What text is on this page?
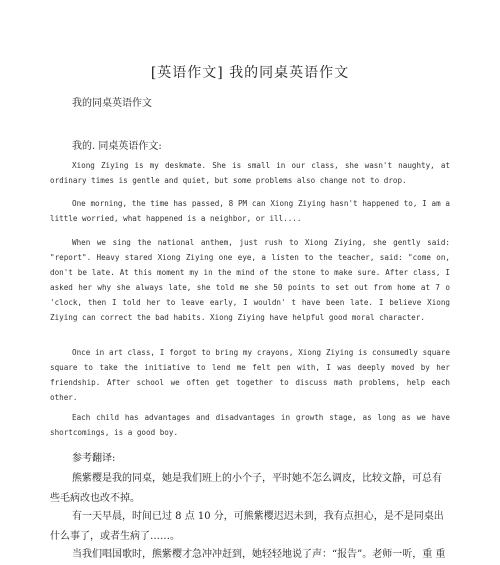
[英语作文] 我的同桌英语作文
我的同桌英语作文
我的. 同桌英语作文:

Xiong Ziying is my deskmate. She is small in our class, she wasn't naughty, at ordinary times is gentle and quiet, but some problems also change not to drop.

One morning, the time has passed, 8 PM can Xiong Ziying hasn't happened to, I am a little worried, what happened is a neighbor, or ill....

When we sing the national anthem, just rush to Xiong Ziying, she gently said: "report". Heavy stared Xiong Ziying one eye, a listen to the teacher, said: "come on, don't be late. At this moment my in the mind of the stone to make sure. After class, I asked her why she always late, she told me she 50 points to set out from home at 7 o 'clock, then I told her to leave early, I wouldn' t have been late. I believe Xiong Ziying can correct the bad habits. Xiong Ziying have helpful good moral character.

Once in art class, I forgot to bring my crayons, Xiong Ziying is consumedly square square to take the initiative to lend me felt pen with, I was deeply moved by her friendship. After school we often get together to discuss math problems, help each other.

Each child has advantages and disadvantages in growth stage, as long as we have shortcomings, is a good boy.

参考翻译:

熊紫樱是我的同桌，她是我们班上的小个子，平时她不怎么调皮，比较文静，可总有 些毛病改也改不掉。

有一天早晨，时间已过 8 点 10 分，可熊紫樱迟迟未到，我有点担心，是不是同桌出 什么事了，或者生病了……。

当我们唱国歌时，熊紫樱才急冲冲赶到，她轻轻地说了声：“报告”。老师一听，重 重
